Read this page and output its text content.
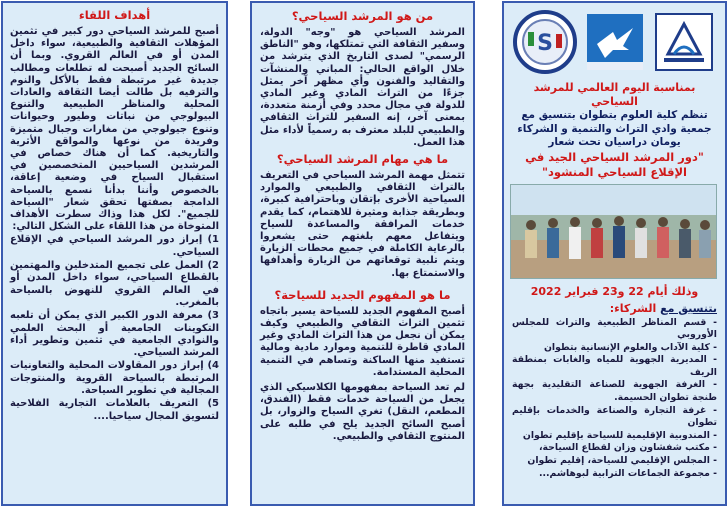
أهداف اللقاء

أصبح للمرشد السياحي دور كبير في تثمين المؤهلات الثقافية والطبيعية، سواء داخل المدن أو في العالم القروي. وبما أن السائح الجديد أصبحت له تطلعات ومطالب جديدة غير مرتبطة فقط بالأكل والنوم والترفيه بل طالت أيضا الثقافة والعادات المحلية والمناظر الطبيعية والتنوع البيولوجي من نباتات وطيور وحيوانات وتنوع جيولوجي من مغارات وجبال متميزة وفريدة من نوعها والمواقع الأثرية والتاريخية. كما أن هناك خصاص في المرشدين السياحيين المتخصصين في استقبال السياح في وضعية إعاقة، بالخصوص وأننا بدأنا نسمع بالسياحة الدامجة بصفتها تحقق شعار "السياحة للجميع". لكل هذا وذاك سطرت الأهداف المتوخاة من هذا اللقاء على الشكل التالي:

1) إبراز دور المرشد السياحي في الإقلاع السياحي.

2) العمل على تجميع المتدخلين والمهتمين بالقطاع السياحي، سواء داخل المدن أو في العالم القروي للنهوض بالسياحة بالمغرب.

3) معرفة الدور الكبير الذي يمكن أن تلعبه التكوينات الجامعية أو البحث العلمي والنوادي الجامعية في تثمين وتطوير أداء المرشد السياحي.

4) إبراز دور المقاولات المحلية والتعاونيات المرتبطة بالسياحة القروية والمنتوجات المجالية في تطوير السياحة.

5) التعريف بالعلامات التجارية الفلاحية لتسويق المجال سياحيا....

من هو المرشد السياحي؟

المرشد السياحي هو "وجه" الدولة، وسفير الثقافة التي تمتلكها، وهو "الناطق الرسمي" لصدى التاريخ الذي يترشد من خلال الواقع الحالي: المباني والمنشآت والتقاليد والفنون وأي مظهر آخر يمثل جزءًا من التراث المادي وغير المادي للدولة في مجال محدد وفي أزمنة متعددة، بمعنى آخر، إنه السفير للتراث الثقافي والطبيعي للبلد معترف به رسمياً لأداء مثل هذا العمل.

ما هي مهام المرشد السياحي؟

تتمثل مهمة المرشد السياحي في التعريف بالتراث الثقافي والطبيعي والموارد السياحية الأخرى بإتقان وباحترافية كبيرة، وبطريقة جذابة ومثيرة للاهتمام، كما يقدم خدمات المرافقة والمساعدة للسياح ويتفاعل معهم بلغتهم حتى يشعروا بالرعاية الكاملة في جميع محطات الزيارة ويتم تلبية توقعاتهم من الزيارة وأهدافها والاستمتاع بها.

ما هو المفهوم الجديد للسياحة؟

أصبح المفهوم الجديد للسياحة يسير باتجاه تثمين التراث الثقافي والطبيعي وكيف يمكن أن نجعل من هذا التراث المادي وغير المادي قاطرة للتنمية وموارد مادية ومالية تستفيد منها الساكنة وتساهم في التنمية المحلية المستدامة.

لم تعد السياحة بمفهومها الكلاسيكي الذي يجعل من السياحة خدمات فقط (الفندق، المطعم، النقل) تغري السياح والزوار، بل أصبح السائح الجديد يلح في طلبه على المنتوج الثقافي والطبيعي.

S

بمناسبة اليوم العالمي للمرشد السياحي

تنظم كلية العلوم بتطوان بتنسيق مع جمعية وادي التراث والتنمية و الشركاء يومان دراسيان تحت شعار

"دور المرشد السياحي الجيد في الإقلاع السياحي المنشود"

وذلك أيام 22 و23 فبراير 2022
بتنسيق مع الشركاء:
- قسم المناظر الطبيعية والتراث للمجلس الأوروبي
- كلية الآداب والعلوم الإنسانية بتطوان
- المديرية الجهوية للمياه والغابات بمنطقة الريف
- الغرفة الجهوية للصناعة التقليدية بجهة طنجة تطوان الحسيمة.
- غرفة التجارة والصناعة والخدمات بإقليم تطوان
- المندوبية الإقليمية للسياحة بإقليم تطوان
- مكتب شفشاون وزان لقطاع السياحة،
- المجلس الإقليمي للسياحة، إقليم تطوان
- مجموعة الجماعات الترابية لبوهاشم...
